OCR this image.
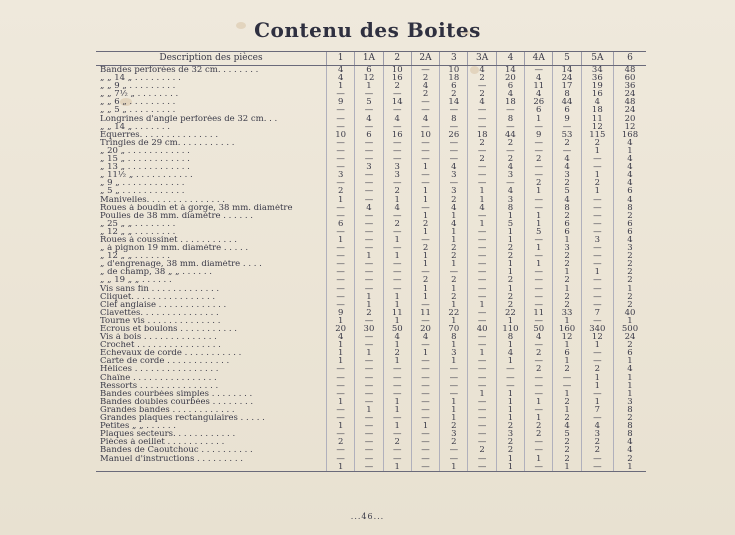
Contenu des Boites
Description des pièces	1	1A	2	2A	3	3A	4	4A	5	5A	6
Bandes perforées de 32 cm. . . . . . . .	4	6	10	—	10	4	14	—	14	34	48
„ „ 14 „ . . . . . . . . .	4	12	16	2	18	2	20	4	24	36	60
„ „ 9 „ . . . . . . . . .	1	1	2	4	6	—	6	11	17	19	36
„ „ 7½ „ . . . . . . . .	—	—	—	2	2	2	4	4	8	16	24
„ „ 6 „ . . . . . . . . .	9	5	14	—	14	4	18	26	44	4	48
„ „ 5 „ . . . . . . . . .	—	—	—	—	—	—	—	6	6	18	24
Longrines d'angle perforées de 32 cm. . .	—	4	4	4	8	—	8	1	9	11	20
„ „ 14 „ . . . . . . .	—	—	—	—	—	—	—	—	—	12	12
Equerres. . . . . . . . . . . . . . .	10	6	16	10	26	18	44	9	53	115	168
Tringles de 29 cm. . . . . . . . . . .	—	—	—	—	—	2	2	—	2	2	4
„ 20 „ . . . . . . . . . . . .	—	—	—	—	—	—	—	—	—	1	1
„ 15 „ . . . . . . . . . . . .	—	—	—	—	—	2	2	2	4	—	4
„ 13 „ . . . . . . . . . . . .	—	3	3	1	4	—	4	—	4	—	4
„ 11½ „ . . . . . . . . . . .	3	—	3	—	3	—	3	—	3	1	4
„ 9 „ . . . . . . . . . . . .	—	—	—	—	—	—	—	2	2	2	4
„ 5 „ . . . . . . . . . . . .	2	—	2	1	3	1	4	1	5	1	6
Manivelles. . . . . . . . . . . . . . .	1	—	1	1	2	1	3	—	4	—	4
Roues à boudin et à gorge, 38 mm. diamètre	—	4	4	—	4	4	8	—	8	—	8
Poulies de 38 mm. diamètre . . . . . .	—	—	—	1	1	—	1	1	2	—	2
„ 25 „ „ . . . . . . . .	6	—	2	2	4	1	5	1	6	—	6
„ 12 „ „ . . . . . . . .	—	—	—	1	1	—	1	5	6	—	6
Roues à coussinet . . . . . . . . . . .	1	—	1	—	1	—	1	—	1	3	4
„ à pignon 19 mm. diamètre . . . . .	—	—	—	2	2	—	2	1	3	—	3
„ 12 „ „ . . . . . . .	—	1	1	1	2	—	2	—	2	—	2
„ d'engrenage, 38 mm. diamètre . . . .	—	—	—	1	1	—	1	1	2	—	2
„ de champ, 38 „ „ . . . . . .	—	—	—	—	—	—	1	—	1	1	2
„ „ 19 „ „ . . . . . .	—	—	—	2	2	—	2	—	2	—	2
Vis sans fin . . . . . . . . . . . . .	—	—	—	1	1	—	1	—	1	—	1
Cliquet. . . . . . . . . . . . . . . .	—	1	1	1	2	—	2	—	2	—	2
Clef anglaise . . . . . . . . . . . . .	—	1	1	—	1	1	2	—	2	—	2
Clavettes. . . . . . . . . . . . . . .	9	2	11	11	22	—	22	11	33	7	40
Tourne vis . . . . . . . . . . . . . .	1	—	1	—	1	—	1	—	1	—	1
Ecrous et boulons . . . . . . . . . . .	20	30	50	20	70	40	110	50	160	340	500
Vis à bois . . . . . . . . . . . . . .	4	—	4	4	8	—	8	4	12	12	24
Crochet . . . . . . . . . . . . . . . .	1	—	1	—	1	—	1	—	1	1	2
Echevaux de corde . . . . . . . . . . .	1	1	2	1	3	1	4	2	6	—	6
Carte de corde . . . . . . . . . . . .	1	—	1	—	1	—	1	—	1	—	1
Hélices . . . . . . . . . . . . . . . .	—	—	—	—	—	—	—	2	2	2	4
Chaîne . . . . . . . . . . . . . . . .	—	—	—	—	—	—	—	—	—	1	1
Ressorts . . . . . . . . . . . . . . .	—	—	—	—	—	—	—	—	—	1	1
Bandes courbées simples . . . . . . . .	—	—	—	—	—	1	1	—	1	—	1
Bandes doubles courbées . . . . . . . .	1	—	1	—	1	—	1	1	2	1	3
Grandes bandes . . . . . . . . . . . .	—	1	1	—	1	—	1	—	1	7	8
Grandes plaques rectangulaires . . . . .	—	—	—	—	1	—	1	1	2	—	2
Petites „ „ . . . . . .	1	—	1	1	2	—	2	2	4	4	8
Plaques secteurs. . . . . . . . . . . .	—	—	—	—	3	—	3	2	5	3	8
Pièces à oeillet . . . . . . . . . . .	2	—	2	—	2	—	2	—	2	2	4
Bandes de Caoutchouc . . . . . . . . . .	—	—	—	—	—	2	2	—	2	2	4
Manuel d'instructions . . . . . . . . .	—	—	—	—	—	—	1	1	2	—	2
	1	—	1	—	1	—	1	—	1	—	1
...46...
